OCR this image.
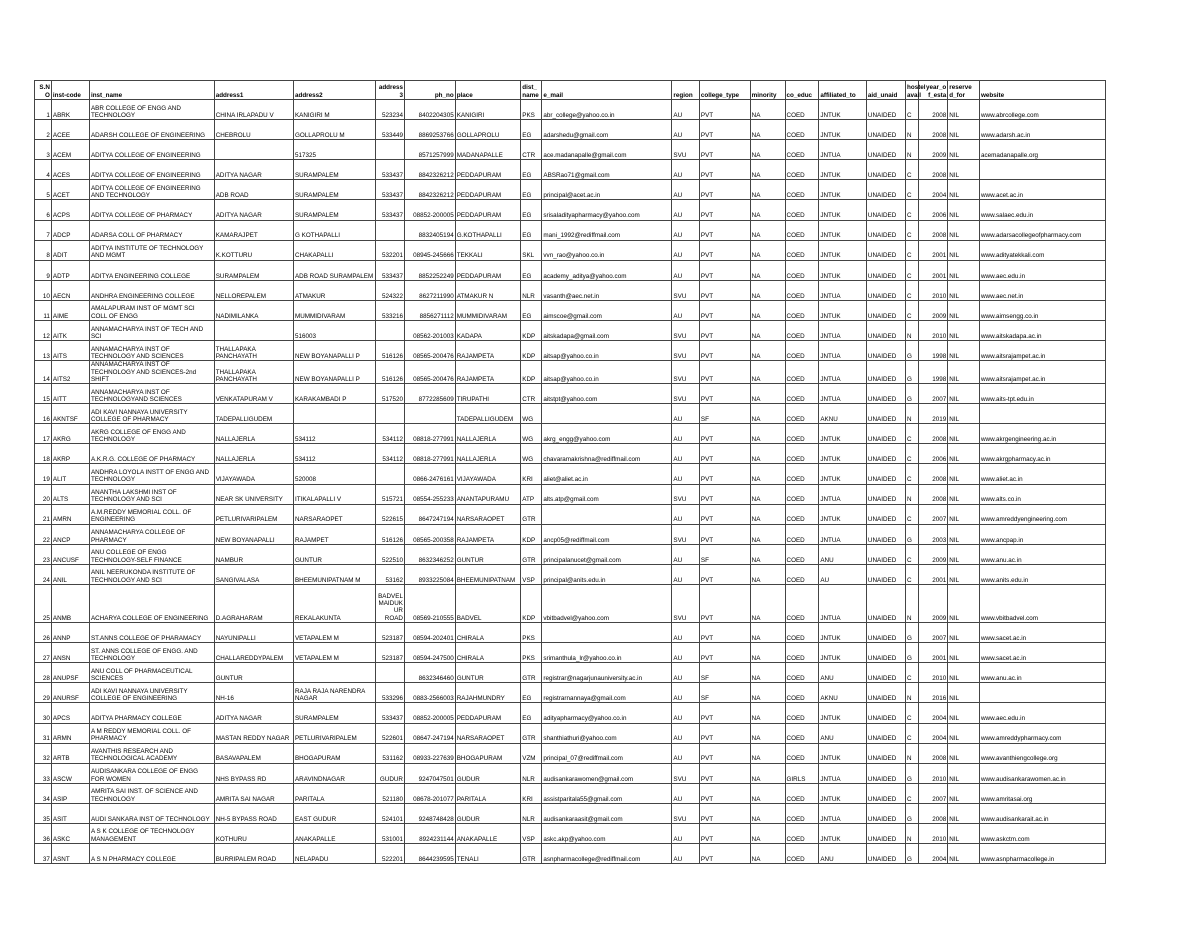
S.N O	inst-code	inst_name	address1	address2	address 3	ph_no	place	dist_ name	e_mail	region	college_type	minority	co_educ	affiliated_to	aid_unaid	hostel avail	year_o f_esta	reserve d_for	website
1	ABRK	ABR COLLEGE OF ENGG AND TECHNOLOGY	CHINA IRLAPADU V	KANIGIRI M	523234	8402204305	KANIGIRI	PKS	abr_college@yahoo.co.in	AU	PVT	NA	COED	JNTUK	UNAIDED	C	2008	NIL	www.abrcollege.com
2	ACEE	ADARSH COLLEGE OF ENGINEERING	CHEBROLU	GOLLAPROLU M	533449	8869253766	GOLLAPROLU	EG	adarshedu@gmail.com	AU	PVT	NA	COED	JNTUK	UNAIDED	N	2008	NIL	www.adarsh.ac.in
3	ACEM	ADITYA COLLEGE OF ENGINEERING		517325		8571257999	MADANAPALLE	CTR	ace.madanapalle@gmail.com	SVU	PVT	NA	COED	JNTUA	UNAIDED	N	2009	NIL	acemadanapalle.org
4	ACES	ADITYA COLLEGE OF ENGINEERING	ADITYA NAGAR	SURAMPALEM	533437	8842326212	PEDDAPURAM	EG	ABSRao71@gmail.com	AU	PVT	NA	COED	JNTUK	UNAIDED	C	2008	NIL	
5	ACET	ADITYA COLLEGE OF ENGINEERING AND TECHNOLOGY	ADB ROAD	SURAMPALEM	533437	8842326212	PEDDAPURAM	EG	principal@acet.ac.in	AU	PVT	NA	COED	JNTUK	UNAIDED	C	2004	NIL	www.acet.ac.in
6	ACPS	ADITYA COLLEGE OF PHARMACY	ADITYA NAGAR	SURAMPALEM	533437	08852-200005	PEDDAPURAM	EG	srisaladityapharmacy@yahoo.com	AU	PVT	NA	COED	JNTUK	UNAIDED	C	2006	NIL	www.salaec.edu.in
7	ADCP	ADARSA COLL OF PHARMACY	KAMARAJPET	G KOTHAPALLI		8832405194	G.KOTHAPALLI	EG	mani_1992@rediffmail.com	AU	PVT	NA	COED	JNTUK	UNAIDED	C	2008	NIL	www.adarsacollegeofpharmacy.com
8	ADIT	ADITYA INSTITUTE OF TECHNOLOGY AND MGMT	K.KOTTURU	CHAKAPALLI	532201	08945-245666	TEKKALI	SKL	vvn_rao@yahoo.co.in	AU	PVT	NA	COED	JNTUK	UNAIDED	C	2001	NIL	www.adityatekkali.com
9	ADTP	ADITYA ENGINEERING COLLEGE	SURAMPALEM	ADB ROAD SURAMPALEM	533437	8852252249	PEDDAPURAM	EG	academy_aditya@yahoo.com	AU	PVT	NA	COED	JNTUK	UNAIDED	C	2001	NIL	www.aec.edu.in
10	AECN	ANDHRA ENGINEERING COLLEGE	NELLOREPALEM	ATMAKUR	524322	8627211990	ATMAKUR N	NLR	vasanth@aec.net.in	SVU	PVT	NA	COED	JNTUA	UNAIDED	C	2010	NIL	www.aec.net.in
11	AIME	AMALAPURAM INST OF MGMT SCI COLL OF ENGG	NADIMILANKA	MUMMIDIVARAM	533216	8856271112	MUMMIDIVARAM	EG	aimscoe@gmail.com	AU	PVT	NA	COED	JNTUK	UNAIDED	C	2009	NIL	www.aimsengg.co.in
12	AITK	ANNAMACHARYA INST OF TECH AND SCI		516003		08562-201003	KADAPA	KDP	aitskadapa@gmail.com	SVU	PVT	NA	COED	JNTUA	UNAIDED	N	2010	NIL	www.aitskadapa.ac.in
13	AITS	ANNAMACHARYA INST OF TECHNOLOGY AND SCIENCES	THALLAPAKA PANCHAYATH	NEW BOYANAPALLI P	516126	08565-200476	RAJAMPETA	KDP	aitsap@yahoo.co.in	SVU	PVT	NA	COED	JNTUA	UNAIDED	G	1998	NIL	www.aitsrajampet.ac.in
14	AITS2	ANNAMACHARYA INST OF TECHNOLOGY AND SCIENCES-2nd SHIFT	THALLAPAKA PANCHAYATH	NEW BOYANAPALLI P	516126	08565-200476	RAJAMPETA	KDP	aitsap@yahoo.co.in	SVU	PVT	NA	COED	JNTUA	UNAIDED	G	1998	NIL	www.aitsrajampet.ac.in
15	AITT	ANNAMACHARYA INST OF TECHNOLOGYAND SCIENCES	VENKATAPURAM V	KARAKAMBADI P	517520	8772285609	TIRUPATHI	CTR	aitstpt@yahoo.com	SVU	PVT	NA	COED	JNTUA	UNAIDED	G	2007	NIL	www.aits-tpt.edu.in
16	AKNTSF	ADI KAVI NANNAYA UNIVERSITY COLLEGE OF PHARMACY	TADEPALLIGUDEM				TADEPALLIGUDEM	WG		AU	SF	NA	COED	AKNU	UNAIDED	N	2019	NIL	
17	AKRG	AKRG COLLEGE OF ENGG AND TECHNOLOGY	NALLAJERLA	534112	534112	08818-277991	NALLAJERLA	WG	akrg_engg@yahoo.com	AU	PVT	NA	COED	JNTUK	UNAIDED	C	2008	NIL	www.akrgengineering.ac.in
18	AKRP	A.K.R.G. COLLEGE OF PHARMACY	NALLAJERLA	534112	534112	08818-277991	NALLAJERLA	WG	chavaramakrishna@rediffmail.com	AU	PVT	NA	COED	JNTUK	UNAIDED	C	2006	NIL	www.akrgpharmacy.ac.in
19	ALIT	ANDHRA LOYOLA INSTT OF ENGG AND TECHNOLOGY	VIJAYAWADA	520008		0866-2476161	VIJAYAWADA	KRI	aliet@aliet.ac.in	AU	PVT	NA	COED	JNTUK	UNAIDED	C	2008	NIL	www.aliet.ac.in
20	ALTS	ANANTHA LAKSHMI INST OF TECHNOLOGY AND SCI	NEAR SK UNIVERSITY	ITIKALAPALLI V	515721	08554-255233	ANANTAPURAMU	ATP	alts.atp@gmail.com	SVU	PVT	NA	COED	JNTUA	UNAIDED	N	2008	NIL	www.alts.co.in
21	AMRN	A.M.REDDY MEMORIAL COLL. OF ENGINEERING	PETLURIVARIPALEM	NARSARAOPET	522615	8647247194	NARSARAOPET	GTR		AU	PVT	NA	COED	JNTUK	UNAIDED	C	2007	NIL	www.amreddyengineering.com
22	ANCP	ANNAMACHARYA COLLEGE OF PHARMACY	NEW BOYANAPALLI	RAJAMPET	516126	08565-200358	RAJAMPETA	KDP	ancp05@rediffmail.com	SVU	PVT	NA	COED	JNTUA	UNAIDED	G	2003	NIL	www.ancpap.in
23	ANCUSF	ANU COLLEGE OF ENGG TECHNOLOGY-SELF FINANCE	NAMBUR	GUNTUR	522510	8632346252	GUNTUR	GTR	principalanucet@gmail.com	AU	SF	NA	COED	ANU	UNAIDED	C	2009	NIL	www.anu.ac.in
24	ANIL	ANIL NEERUKONDA INSTITUTE OF TECHNOLOGY AND SCI	SANGIVALASA	BHEEMUNIPATNAM M	53162	8933225084	BHEEMUNIPATNAM	VSP	principal@anits.edu.in	AU	PVT	NA	COED	AU	UNAIDED	C	2001	NIL	www.anits.edu.in
25	ANMB	ACHARYA COLLEGE OF ENGINEERING	D.AGRAHARAM	REKALAKUNTA	BADVEL MAIDUK UR ROAD	08569-210555	BADVEL	KDP	vbitbadvel@yahoo.com	SVU	PVT	NA	COED	JNTUA	UNAIDED	N	2009	NIL	www.vbitbadvel.com
26	ANNP	ST.ANNS COLLEGE OF PHARAMACY	NAYUNIPALLI	VETAPALEM M	523187	08594-202401	CHIRALA	PKS		AU	PVT	NA	COED	JNTUK	UNAIDED	G	2007	NIL	www.sacet.ac.in
27	ANSN	ST. ANNS COLLEGE OF ENGG. AND TECHNOLOGY	CHALLAREDDYPALEM	VETAPALEM M	523187	08594-247500	CHIRALA	PKS	srimanthula_lr@yahoo.co.in	AU	PVT	NA	COED	JNTUK	UNAIDED	G	2001	NIL	www.sacet.ac.in
28	ANUPSF	ANU COLL OF PHARMACEUTICAL SCIENCES	GUNTUR			8632346460	GUNTUR	GTR	registrar@nagarjunauniversity.ac.in	AU	SF	NA	COED	ANU	UNAIDED	C	2010	NIL	www.anu.ac.in
29	ANURSF	ADI KAVI NANNAYA UNIVERSITY COLLEGE OF ENGINEERING	NH-16	RAJA RAJA NARENDRA NAGAR	533296	0883-2566003	RAJAHMUNDRY	EG	registrarnannaya@gmail.com	AU	SF	NA	COED	AKNU	UNAIDED	N	2016	NIL	
30	APCS	ADITYA PHARMACY COLLEGE	ADITYA NAGAR	SURAMPALEM	533437	08852-200005	PEDDAPURAM	EG	adityapharmacy@yahoo.co.in	AU	PVT	NA	COED	JNTUK	UNAIDED	C	2004	NIL	www.aec.edu.in
31	ARMN	A M REDDY MEMORIAL COLL. OF PHARMACY	MASTAN REDDY NAGAR	PETLURIVARIPALEM	522601	08647-247194	NARSARAOPET	GTR	shanthiathuri@yahoo.com	AU	PVT	NA	COED	ANU	UNAIDED	C	2004	NIL	www.amreddypharmacy.com
32	ARTB	AVANTHIS RESEARCH AND TECHNOLOGICAL ACADEMY	BASAVAPALEM	BHOGAPURAM	531162	08933-227639	BHOGAPURAM	VZM	principal_07@rediffmail.com	AU	PVT	NA	COED	JNTUK	UNAIDED	N	2008	NIL	www.avanthiengcollege.org
33	ASCW	AUDISANKARA COLLEGE OF ENGG FOR WOMEN	NHS BYPASS RD	ARAVINDNAGAR	GUDUR	9247047501	GUDUR	NLR	audisankarawomen@gmail.com	SVU	PVT	NA	GIRLS	JNTUA	UNAIDED	G	2010	NIL	www.audisankarawomen.ac.in
34	ASIP	AMRITA SAI INST. OF SCIENCE AND TECHNOLOGY	AMRITA SAI NAGAR	PARITALA	521180	08678-201077	PARITALA	KRI	assistparitala55@gmail.com	AU	PVT	NA	COED	JNTUK	UNAIDED	C	2007	NIL	www.amritasai.org
35	ASIT	AUDI SANKARA INST OF TECHNOLOGY	NH-5 BYPASS ROAD	EAST GUDUR	524101	9248748428	GUDUR	NLR	audisankaraasit@gmail.com	SVU	PVT	NA	COED	JNTUA	UNAIDED	G	2008	NIL	www.audisankarait.ac.in
36	ASKC	A S K COLLEGE OF TECHNOLOGY MANAGEMENT	KOTHURU	ANAKAPALLE	531001	8924231144	ANAKAPALLE	VSP	askc.akp@yahoo.com	AU	PVT	NA	COED	JNTUK	UNAIDED	N	2010	NIL	www.askctm.com
37	ASNT	A S N PHARMACY COLLEGE	BURRIPALEM ROAD	NELAPADU	522201	8644239595	TENALI	GTR	asnpharmacollege@rediffmail.com	AU	PVT	NA	COED	ANU	UNAIDED	G	2004	NIL	www.asnpharmacollege.in
